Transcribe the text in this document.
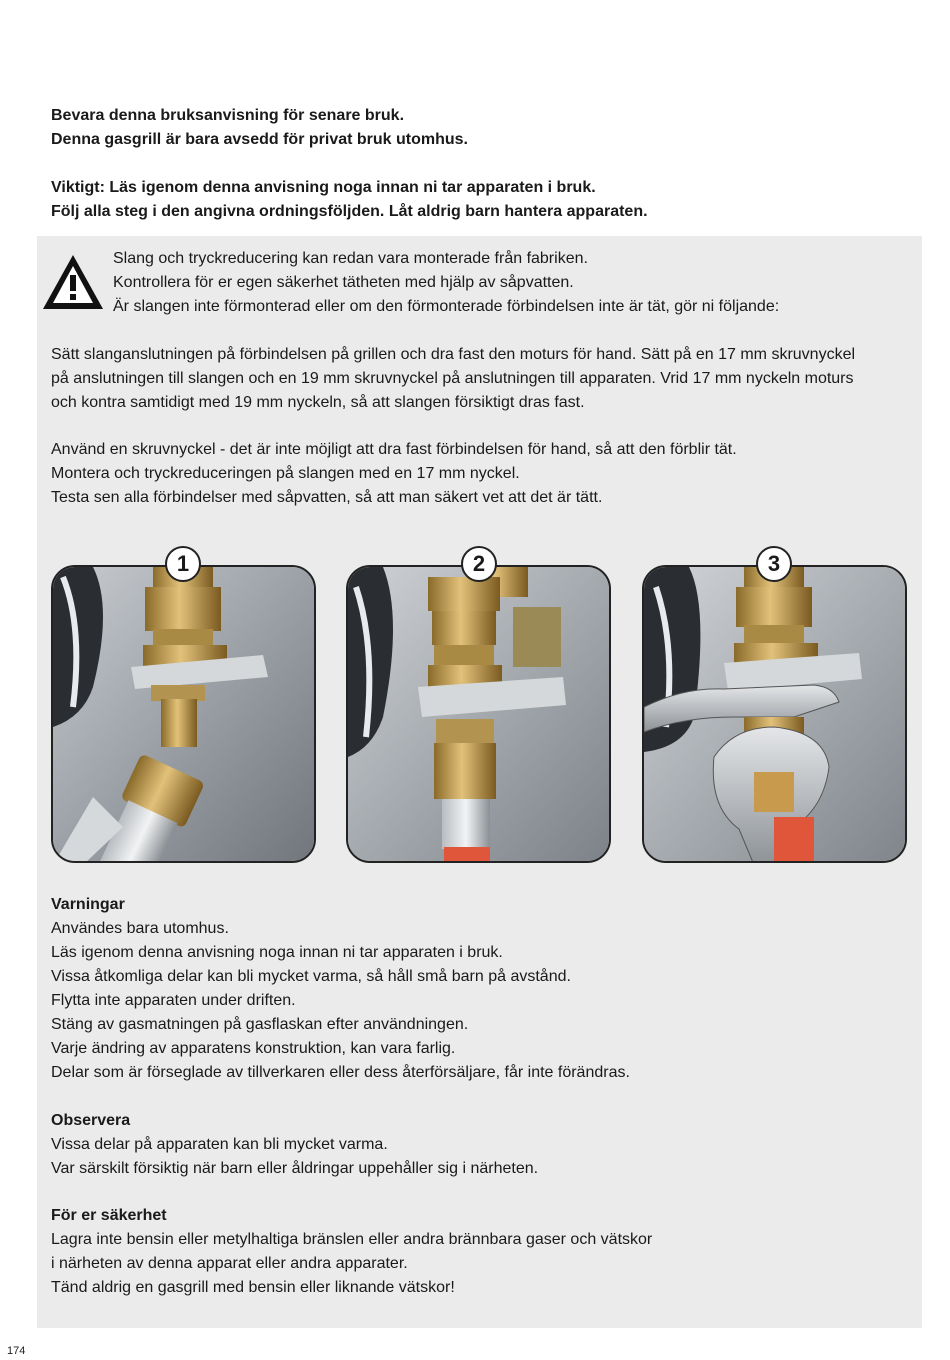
Bevara denna bruksanvisning för senare bruk.
Denna gasgrill är bara avsedd för privat bruk utomhus.

Viktigt: Läs igenom denna anvisning noga innan ni tar apparaten i bruk.
Följ alla steg i den angivna ordningsföljden. Låt aldrig barn hantera apparaten.

Slang och tryckreducering kan redan vara monterade från fabriken.
Kontrollera för er egen säkerhet tätheten med hjälp av såpvatten.
Är slangen inte förmonterad eller om den förmonterade förbindelsen inte är tät, gör ni följande:
Sätt slanganslutningen på förbindelsen på grillen och dra fast den moturs för hand. Sätt på en 17 mm skruvnyckel
på anslutningen till slangen och en 19 mm skruvnyckel på anslutningen till apparaten. Vrid 17 mm nyckeln moturs
och kontra samtidigt med 19 mm nyckeln, så att slangen försiktigt dras fast.
Använd en skruvnyckel - det är inte möjligt att dra fast förbindelsen för hand, så att den förblir tät.
Montera och tryckreduceringen på slangen med en 17 mm nyckel.
Testa sen alla förbindelser med såpvatten, så att man säkert vet att det är tätt.
1	2	3
Varningar
Användes bara utomhus.
Läs igenom denna anvisning noga innan ni tar apparaten i bruk.
Vissa åtkomliga delar kan bli mycket varma, så håll små barn på avstånd.
Flytta inte apparaten under driften.
Stäng av gasmatningen på gasflaskan efter användningen.
Varje ändring av apparatens konstruktion, kan vara farlig.
Delar som är förseglade av tillverkaren eller dess återförsäljare, får inte förändras.
Observera
Vissa delar på apparaten kan bli mycket varma.
Var särskilt försiktig när barn eller åldringar uppehåller sig i närheten.
För er säkerhet
Lagra inte bensin eller metylhaltiga bränslen eller andra brännbara gaser och vätskor
i närheten av denna apparat eller andra apparater.
Tänd aldrig en gasgrill med bensin eller liknande vätskor!
174
